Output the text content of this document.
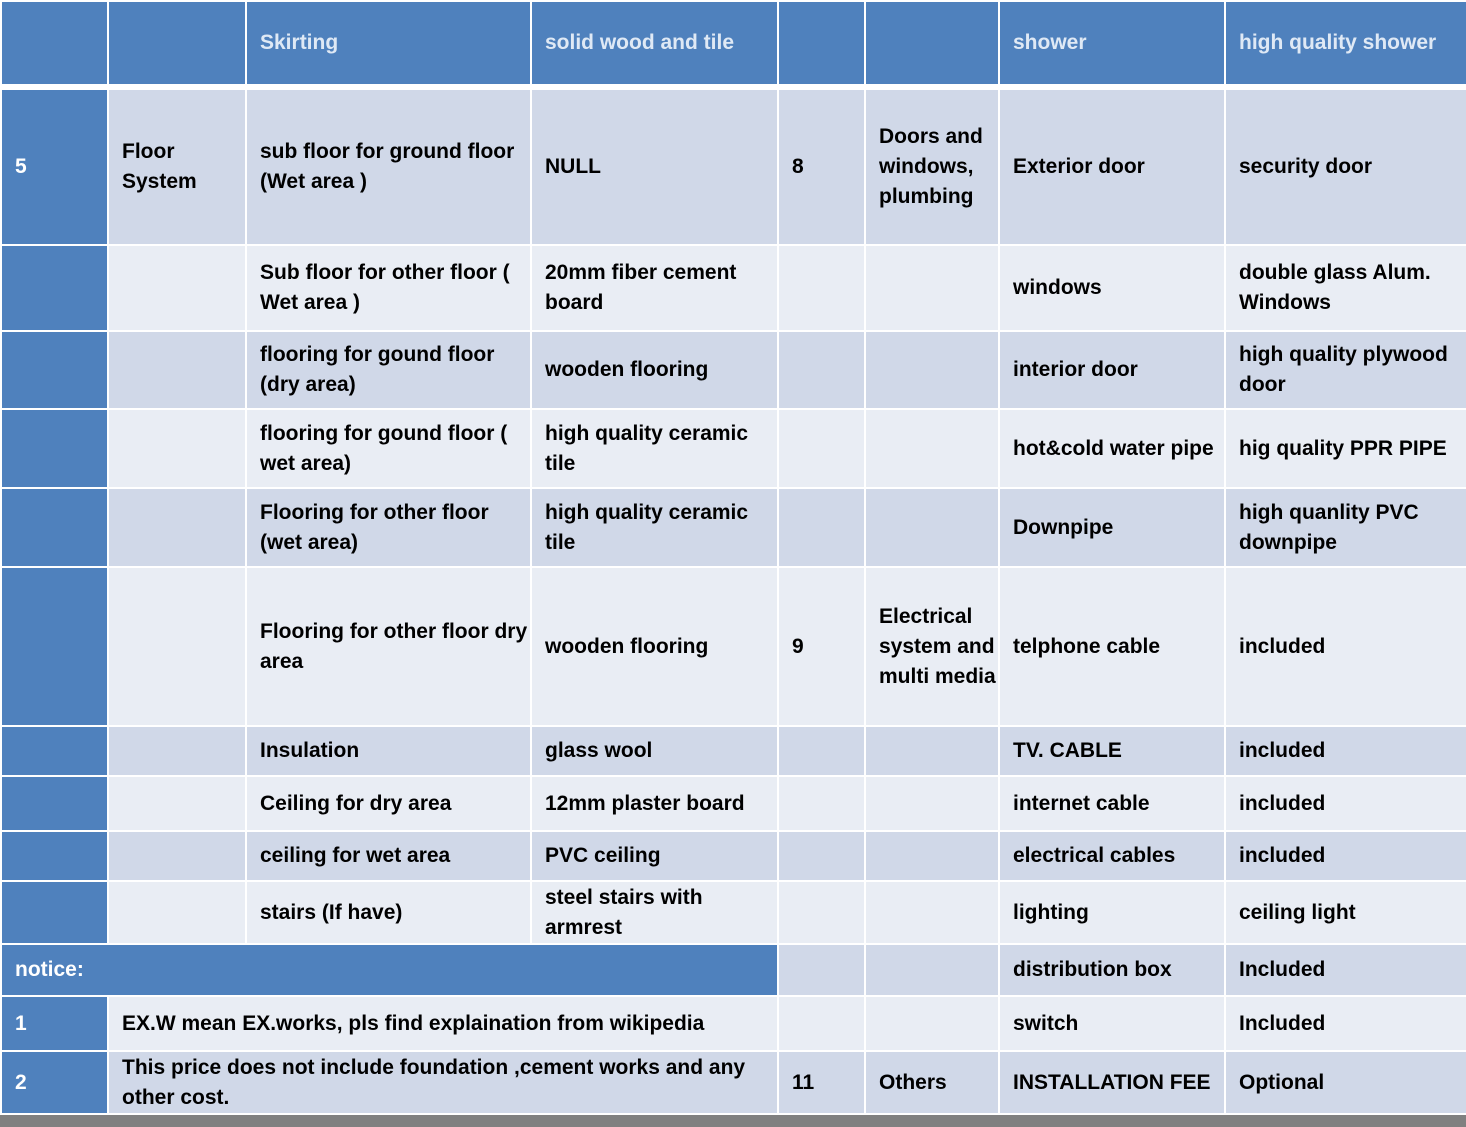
		Skirting	solid wood and tile			shower	high quality shower

5	Floor System	sub floor for ground floor (Wet area )	NULL	8	Doors and windows, plumbing	Exterior door	security door
		Sub floor for other floor ( Wet area )	20mm fiber cement board			windows	double glass Alum. Windows
		flooring for gound floor (dry area)	wooden flooring			interior door	high quality plywood door
		flooring for gound floor ( wet area)	high quality ceramic tile			hot&cold water pipe	hig quality PPR PIPE
		Flooring for other floor (wet area)	high quality ceramic tile			Downpipe	high quanlity PVC downpipe
		Flooring for other floor dry area	wooden flooring	9	Electrical system and multi media	telphone cable	included
		Insulation	glass wool			TV. CABLE	included
		Ceiling for dry area	12mm plaster board			internet cable	included
		ceiling for wet area	PVC ceiling			electrical cables	included
		stairs (If have)	steel stairs with armrest			lighting	ceiling light
notice:						distribution box	Included
1	EX.W mean EX.works, pls find explaination from wikipedia					switch	Included
2	This price does not include foundation ,cement works and any other cost.			11	Others	INSTALLATION FEE	Optional
